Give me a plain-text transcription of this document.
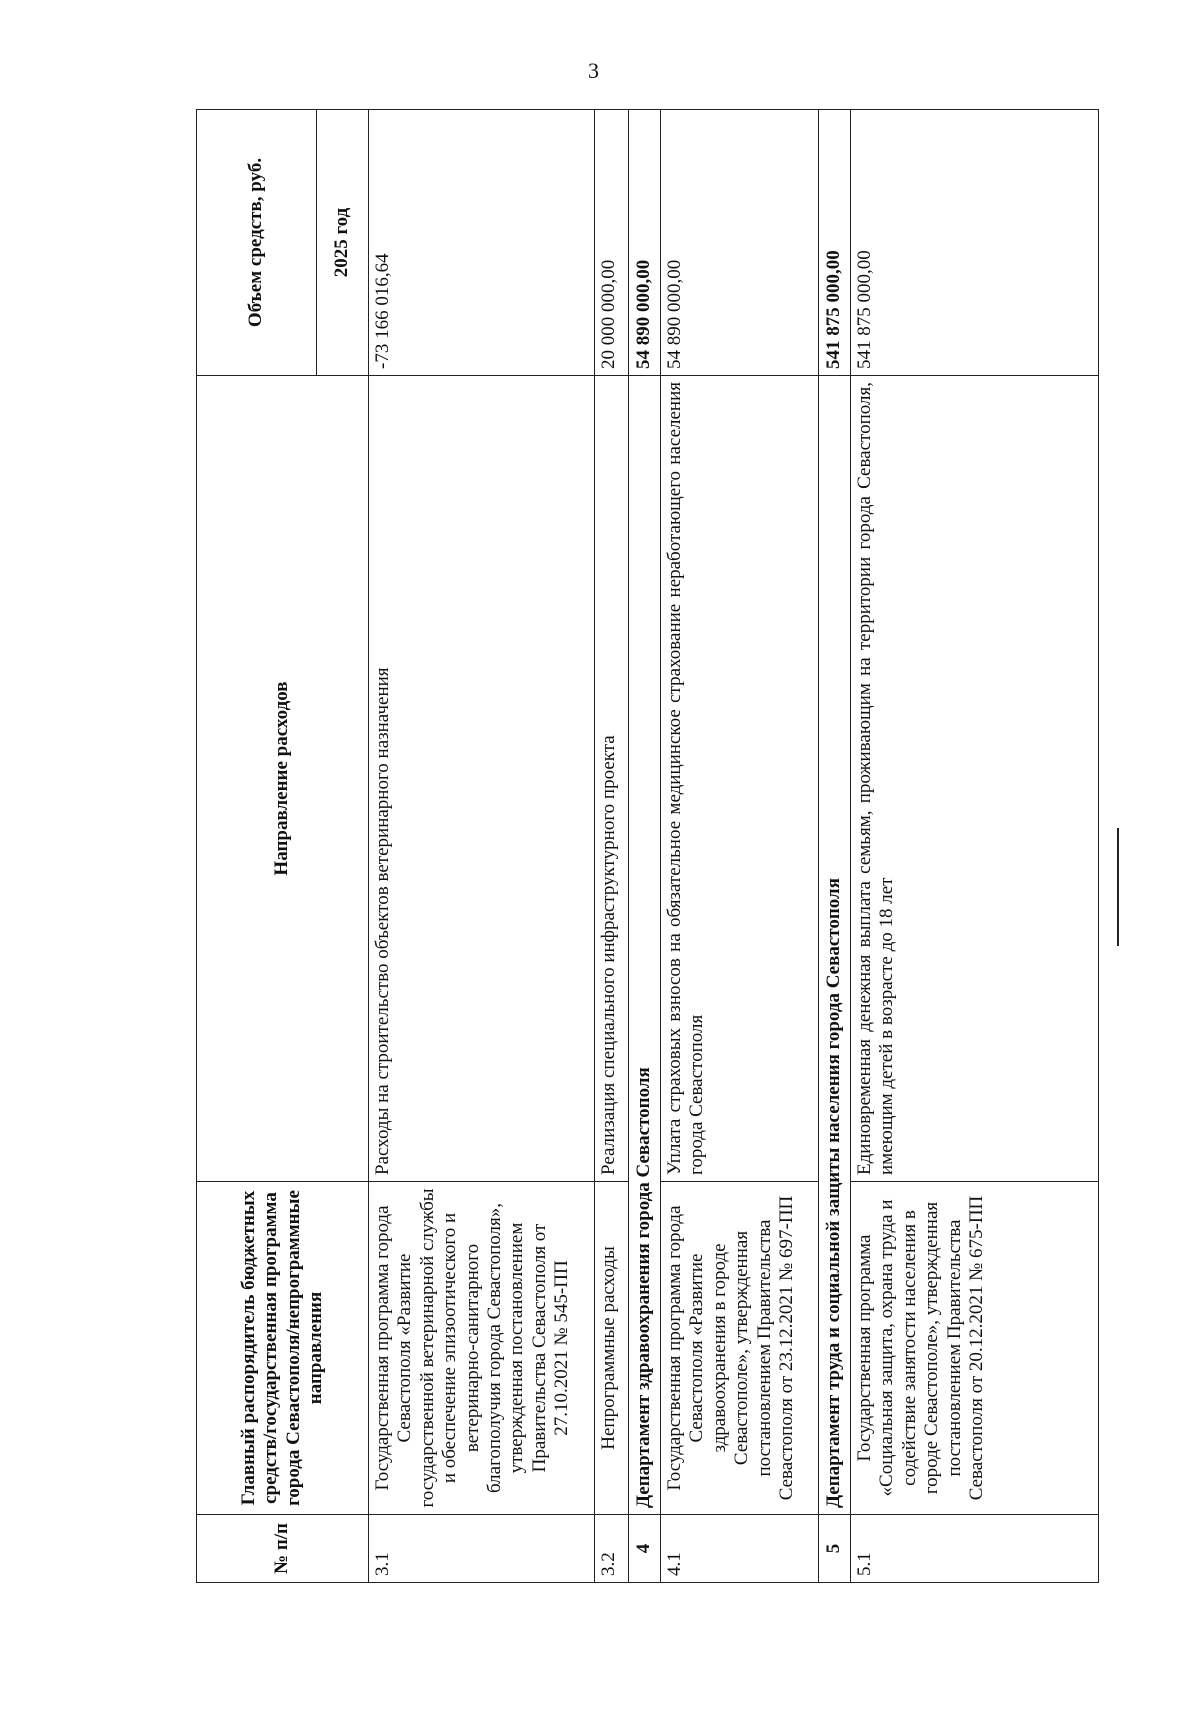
3
№ п/п	Главный распорядитель бюджетных средств/государственная программа города Севастополя/непрограммные направления	Направление расходов	Объем средств, руб.
			2025 год
3.1	Государственная программа города Севастополя «Развитие государственной ветеринарной службы и обеспечение эпизоотического и ветеринарно-санитарного благополучия города Севастополя», утвержденная постановлением Правительства Севастополя от 27.10.2021 № 545-ПП	Расходы на строительство объектов ветеринарного назначения	-73 166 016,64
3.2	Непрограммные расходы	Реализация специального инфраструктурного проекта	20 000 000,00
4	Департамент здравоохранения города Севастополя		54 890 000,00
4.1	Государственная программа города Севастополя «Развитие здравоохранения в городе Севастополе», утвержденная постановлением Правительства Севастополя от 23.12.2021 № 697-ПП	Уплата страховых взносов на обязательное медицинское страхование неработающего населения города Севастополя	54 890 000,00
5	Департамент труда и социальной защиты населения города Севастополя		541 875 000,00
5.1	Государственная программа «Социальная защита, охрана труда и содействие занятости населения в городе Севастополе», утвержденная постановлением Правительства Севастополя от 20.12.2021 № 675-ПП	Единовременная денежная выплата семьям, проживающим на территории города Севастополя, имеющим детей в возрасте до 18 лет	541 875 000,00
